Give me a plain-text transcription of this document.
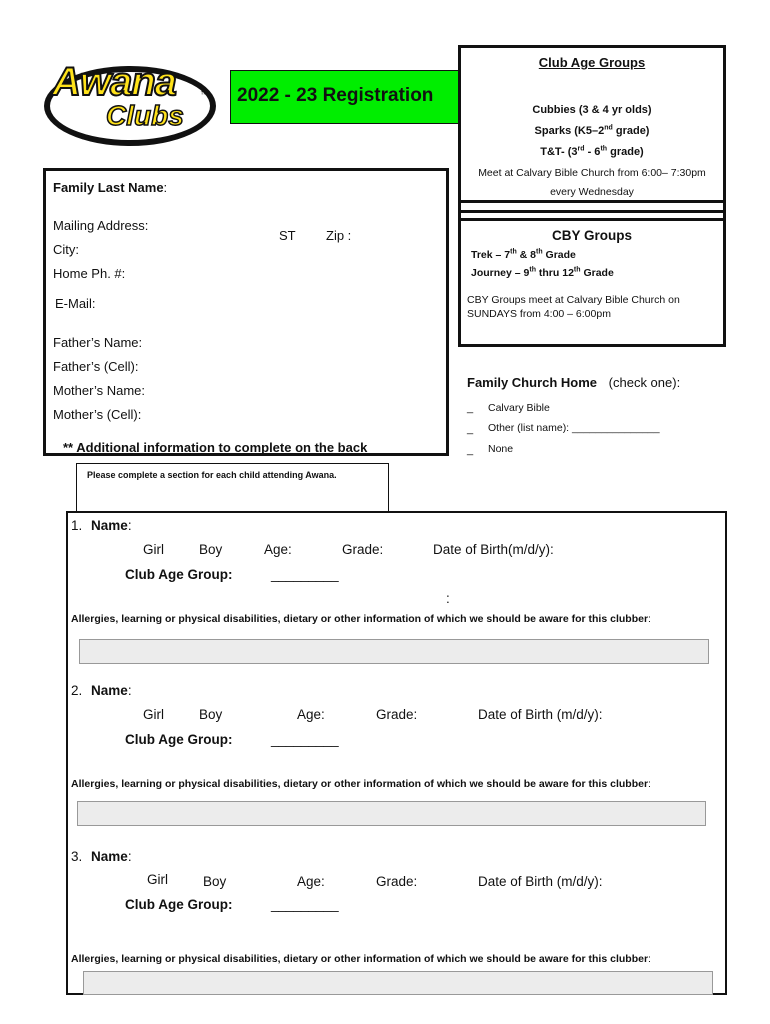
Awana
Clubs
™ 2022 - 23 Registration
Club Age Groups
Cubbies (3 & 4 yr olds)
Sparks (K5–2nd grade)
T&T- (3rd - 6th grade)
Meet at Calvary Bible Church from 6:00– 7:30pm
every Wednesday
CBY Groups
Trek – 7th & 8th Grade
Journey – 9th thru 12th Grade
CBY Groups meet at Calvary Bible Church on
SUNDAYS from 4:00 – 6:00pm
Family Last Name:
Mailing Address:
ST Zip :
City:
Home Ph. #:
E-Mail:
Father’s Name:
Father’s (Cell):
Mother’s Name:
Mother’s (Cell):
** Additional information to complete on the back
Family Church Home (check one):
_ Calvary Bible
_ Other (list name): _______________
_ None
Please complete a section for each child attending Awana.
1. Name:
Girl	Boy	Age:	Grade:	Date of Birth(m/d/y):
Club Age Group:	_________
:
Allergies, learning or physical disabilities, dietary or other information of which we should be aware for this clubber:
2. Name:
Girl	Boy	Age:	Grade:	Date of Birth (m/d/y):
Club Age Group:	_________
Allergies, learning or physical disabilities, dietary or other information of which we should be aware for this clubber:
3. Name:
Girl	Boy	Age:	Grade:	Date of Birth (m/d/y):
Club Age Group:	_________
Allergies, learning or physical disabilities, dietary or other information of which we should be aware for this clubber:
